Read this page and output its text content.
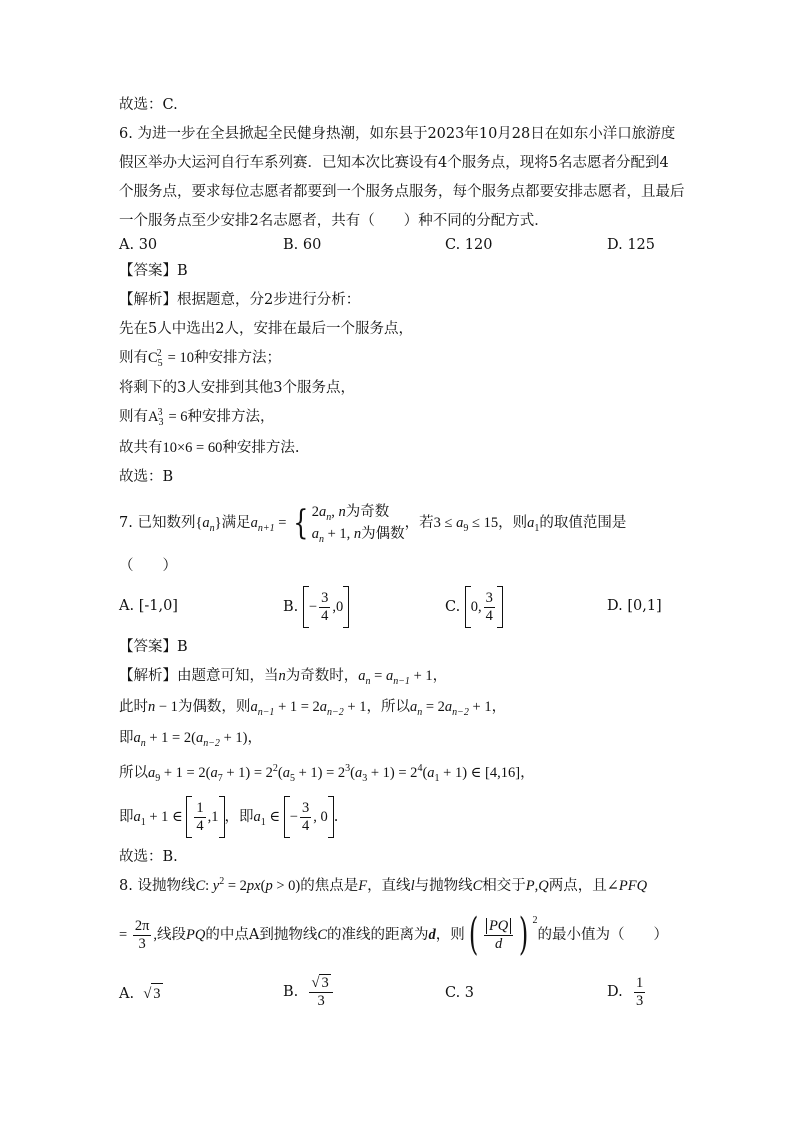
故选：C.
6. 为进一步在全县掀起全民健身热潮，如东县于2023年10月28日在如东小洋口旅游度
假区举办大运河自行车系列赛．已知本次比赛设有4个服务点，现将5名志愿者分配到4
个服务点，要求每位志愿者都要到一个服务点服务，每个服务点都要安排志愿者，且最后
一个服务点至少安排2名志愿者，共有（　　）种不同的分配方式．
A. 30	B. 60	C. 120	D. 125
【答案】B
【解析】根据题意，分2步进行分析：
先在5人中选出2人，安排在最后一个服务点，
则有$C_5^2 = 10$种安排方法；
将剩下的3人安排到其他3个服务点，
则有$A_3^3 = 6$种安排方法，
故共有10×6 = 60种安排方法.
故选：B
7. 已知数列$\{a_n\}$满足$a_{n+1}$ = { $2a_n$, n为奇数
$a_n + 1$, n为偶数
，若$3 \le a_9 \le 15$，则$a_1$的取值范围是
（　　）
A. [-1,0]	B. − $\frac{3}{4} ,0$	C. 0, $\frac{3}{4}$	D. [0,1]
【答案】B
【解析】由题意可知，当n为奇数时，$a_n = a_{n-1} + 1$，
此时n − 1为偶数，则$a_{n-1} + 1 = 2a_{n-2} + 1$，所以$a_n = 2a_{n-2} + 1$，
即$a_n + 1 = 2(a_{n-2} + 1)$，
所以$a_9 + 1 = 2(a_7 + 1) = 2^2(a_5 + 1) = 2^3(a_3 + 1) = 2^4(a_1 + 1)$ ∈ [4,16]，
即$a_1 + 1$ ∈ $\frac{1}{4} ,1$ ，即$a_1$ ∈ − $\frac{3}{4}$ , 0 .
故选：B.
8. 设抛物线C: $y^2 = 2px(p > 0)$的焦点是F，直线l与抛物线C相交于P,Q两点，且∠PFQ
= $\frac{2\pi}{3}$ ,线段PQ的中点A到抛物线C的准线的距离为d，则 ( $\frac{PQ}{d}$ ) $^2$
的最小值为（　　）
A. √ 3	B. $\frac{√ 3}{3}$	C. 3	D. $\frac{1}{3}$
